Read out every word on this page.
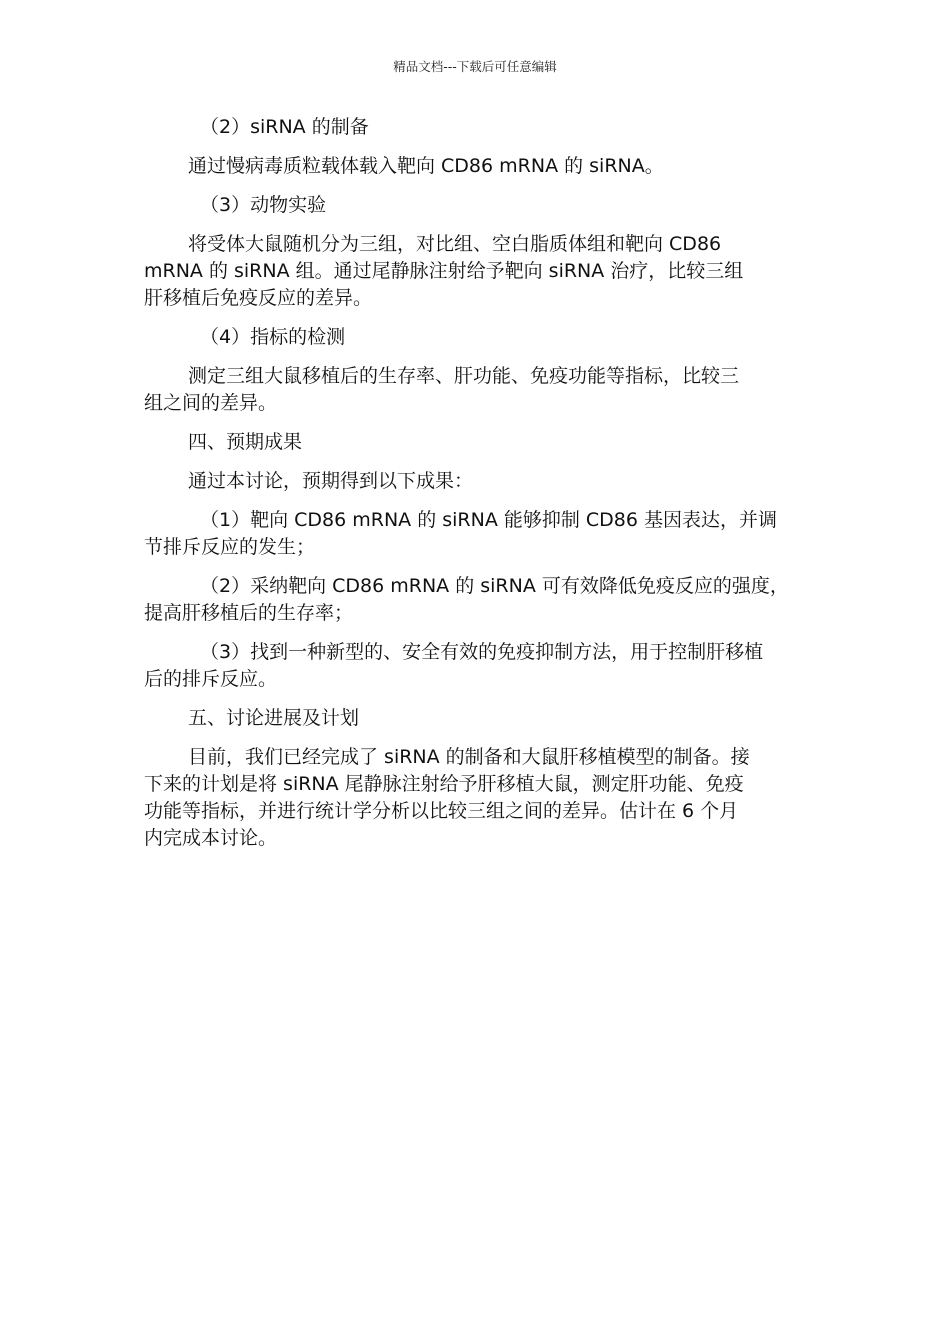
精品文档---下载后可任意编辑

（2）siRNA 的制备

通过慢病毒质粒载体载入靶向 CD86 mRNA 的 siRNA。

（3）动物实验

将受体大鼠随机分为三组，对比组、空白脂质体组和靶向 CD86
mRNA 的 siRNA 组。通过尾静脉注射给予靶向 siRNA 治疗，比较三组
肝移植后免疫反应的差异。

（4）指标的检测

测定三组大鼠移植后的生存率、肝功能、免疫功能等指标，比较三
组之间的差异。

四、预期成果

通过本讨论，预期得到以下成果：

（1）靶向 CD86 mRNA 的 siRNA 能够抑制 CD86 基因表达，并调
节排斥反应的发生；

（2）采纳靶向 CD86 mRNA 的 siRNA 可有效降低免疫反应的强度，
提高肝移植后的生存率；

（3）找到一种新型的、安全有效的免疫抑制方法，用于控制肝移植
后的排斥反应。

五、讨论进展及计划

目前，我们已经完成了 siRNA 的制备和大鼠肝移植模型的制备。接
下来的计划是将 siRNA 尾静脉注射给予肝移植大鼠，测定肝功能、免疫
功能等指标，并进行统计学分析以比较三组之间的差异。估计在 6 个月
内完成本讨论。
